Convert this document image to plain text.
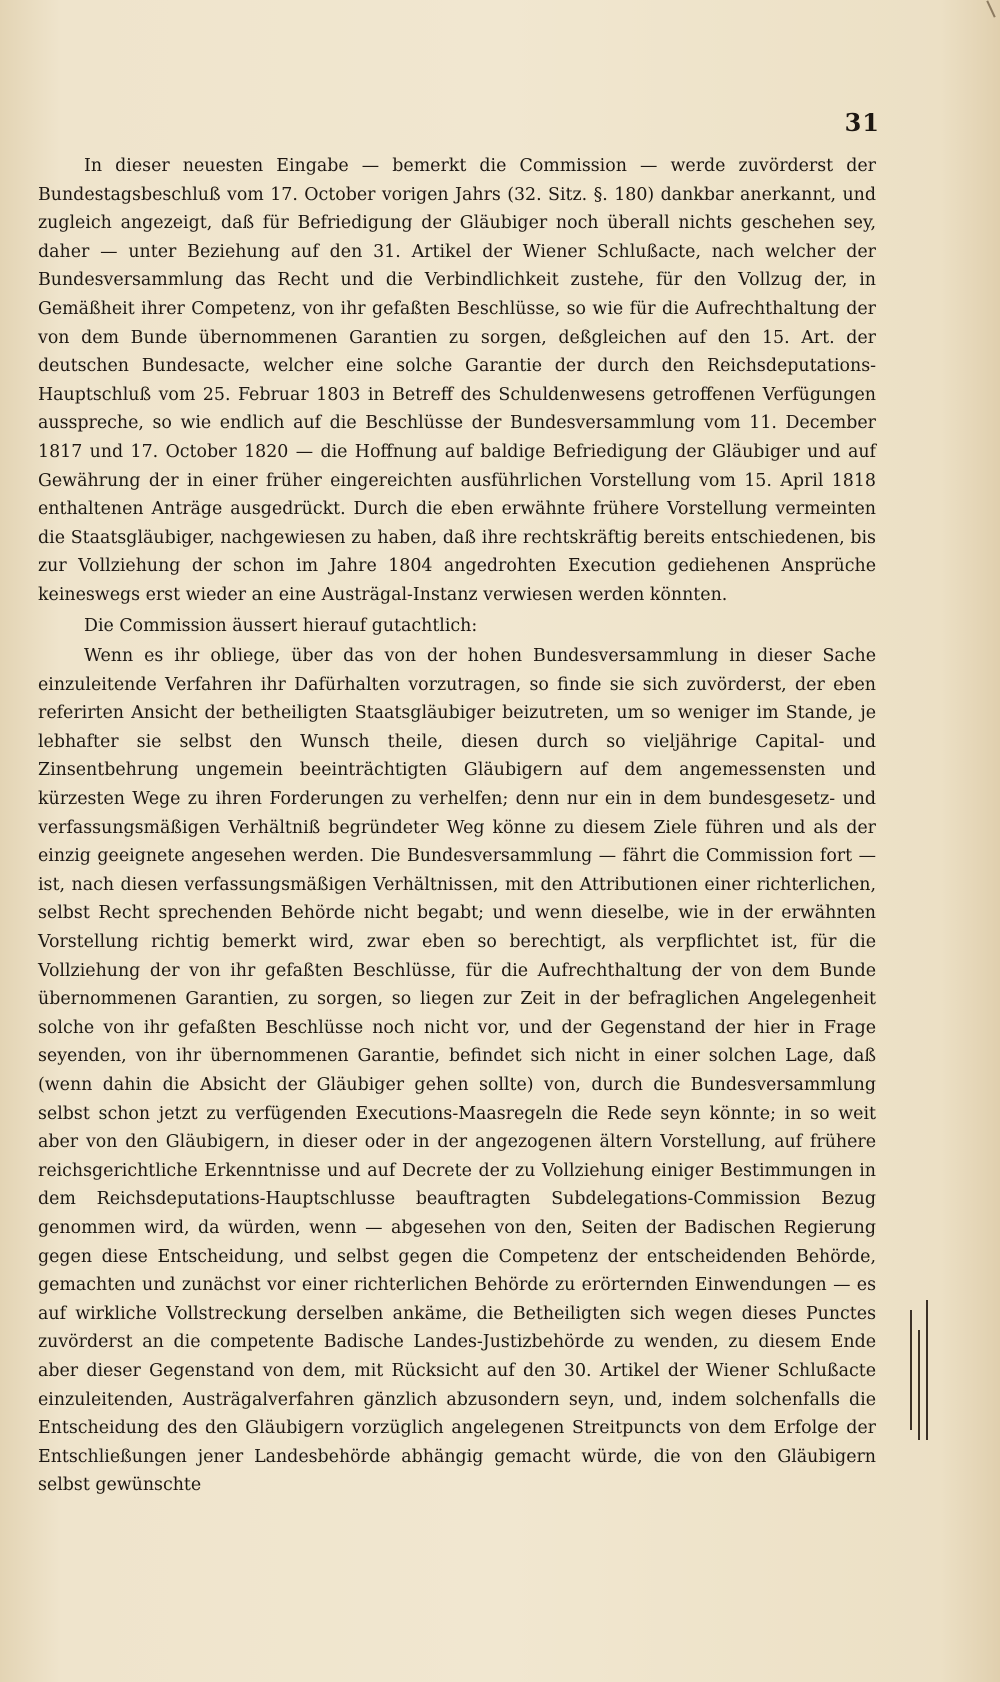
31

In dieser neuesten Eingabe — bemerkt die Commission — werde zuvörderst der Bundestagsbeschluß vom 17. October vorigen Jahrs (32. Sitz. §. 180) dankbar anerkannt, und zugleich angezeigt, daß für Befriedigung der Gläubiger noch überall nichts geschehen sey, daher — unter Beziehung auf den 31. Artikel der Wiener Schlußacte, nach welcher der Bundesversammlung das Recht und die Verbindlichkeit zustehe, für den Vollzug der, in Gemäßheit ihrer Competenz, von ihr gefaßten Beschlüsse, so wie für die Aufrechthaltung der von dem Bunde übernommenen Garantien zu sorgen, deßgleichen auf den 15. Art. der deutschen Bundesacte, welcher eine solche Garantie der durch den Reichsdeputations-Hauptschluß vom 25. Februar 1803 in Betreff des Schuldenwesens getroffenen Verfügungen ausspreche, so wie endlich auf die Beschlüsse der Bundesversammlung vom 11. December 1817 und 17. October 1820 — die Hoffnung auf baldige Befriedigung der Gläubiger und auf Gewährung der in einer früher eingereichten ausführlichen Vorstellung vom 15. April 1818 enthaltenen Anträge ausgedrückt. Durch die eben erwähnte frühere Vorstellung vermeinten die Staatsgläubiger, nachgewiesen zu haben, daß ihre rechtskräftig bereits entschiedenen, bis zur Vollziehung der schon im Jahre 1804 angedrohten Execution gediehenen Ansprüche keineswegs erst wieder an eine Austrägal-Instanz verwiesen werden könnten.

Die Commission äussert hierauf gutachtlich:

Wenn es ihr obliege, über das von der hohen Bundesversammlung in dieser Sache einzuleitende Verfahren ihr Dafürhalten vorzutragen, so finde sie sich zuvörderst, der eben referirten Ansicht der betheiligten Staatsgläubiger beizutreten, um so weniger im Stande, je lebhafter sie selbst den Wunsch theile, diesen durch so vieljährige Capital- und Zinsentbehrung ungemein beeinträchtigten Gläubigern auf dem angemessensten und kürzesten Wege zu ihren Forderungen zu verhelfen; denn nur ein in dem bundesgesetz- und verfassungsmäßigen Verhältniß begründeter Weg könne zu diesem Ziele führen und als der einzig geeignete angesehen werden. Die Bundesversammlung — fährt die Commission fort — ist, nach diesen verfassungsmäßigen Verhältnissen, mit den Attributionen einer richterlichen, selbst Recht sprechenden Behörde nicht begabt; und wenn dieselbe, wie in der erwähnten Vorstellung richtig bemerkt wird, zwar eben so berechtigt, als verpflichtet ist, für die Vollziehung der von ihr gefaßten Beschlüsse, für die Aufrechthaltung der von dem Bunde übernommenen Garantien, zu sorgen, so liegen zur Zeit in der befraglichen Angelegenheit solche von ihr gefaßten Beschlüsse noch nicht vor, und der Gegenstand der hier in Frage seyenden, von ihr übernommenen Garantie, befindet sich nicht in einer solchen Lage, daß (wenn dahin die Absicht der Gläubiger gehen sollte) von, durch die Bundesversammlung selbst schon jetzt zu verfügenden Executions-Maasregeln die Rede seyn könnte; in so weit aber von den Gläubigern, in dieser oder in der angezogenen ältern Vorstellung, auf frühere reichsgerichtliche Erkenntnisse und auf Decrete der zu Vollziehung einiger Bestimmungen in dem Reichsdeputations-Hauptschlusse beauftragten Subdelegations-Commission Bezug genommen wird, da würden, wenn — abgesehen von den, Seiten der Badischen Regierung gegen diese Entscheidung, und selbst gegen die Competenz der entscheidenden Behörde, gemachten und zunächst vor einer richterlichen Behörde zu erörternden Einwendungen — es auf wirkliche Vollstreckung derselben ankäme, die Betheiligten sich wegen dieses Punctes zuvörderst an die competente Badische Landes-Justizbehörde zu wenden, zu diesem Ende aber dieser Gegenstand von dem, mit Rücksicht auf den 30. Artikel der Wiener Schlußacte einzuleitenden, Austrägalverfahren gänzlich abzusondern seyn, und, indem solchenfalls die Entscheidung des den Gläubigern vorzüglich angelegenen Streitpuncts von dem Erfolge der Entschließungen jener Landesbehörde abhängig gemacht würde, die von den Gläubigern selbst gewünschte
